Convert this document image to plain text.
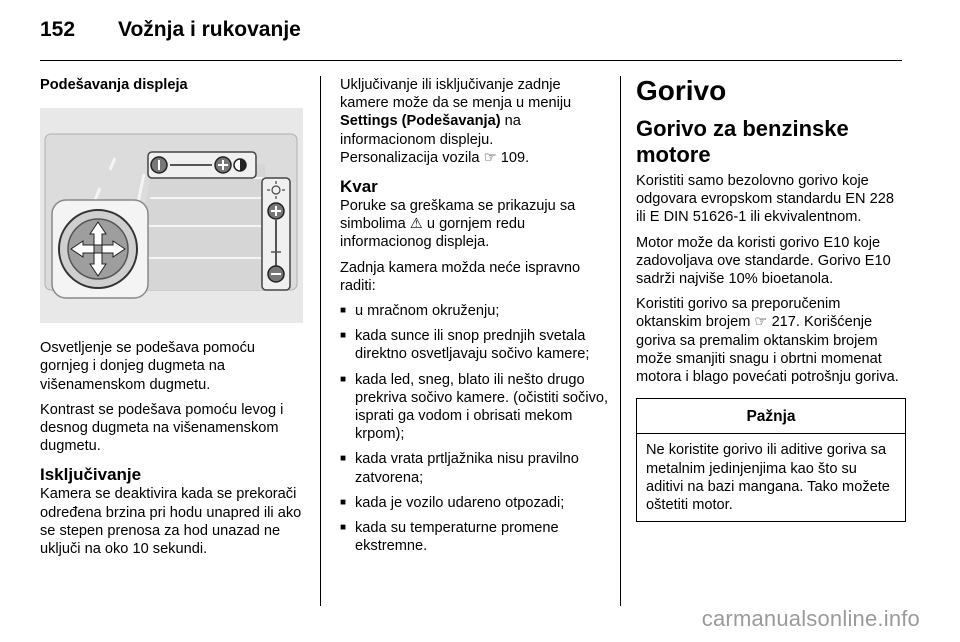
152	Vožnja i rukovanje
Podešavanja displeja

Osvetljenje se podešava pomoću gornjeg i donjeg dugmeta na višenamenskom dugmetu.

Kontrast se podešava pomoću levog i desnog dugmeta na višenamenskom dugmetu.

Isključivanje

Kamera se deaktivira kada se prekorači određena brzina pri hodu unapred ili ako se stepen prenosa za hod unazad ne uključi na oko 10 sekundi.

Uključivanje ili isključivanje zadnje kamere može da se menja u meniju Settings (Podešavanja) na informacionom displeju.
Personalizacija vozila ☞ 109.

Kvar

Poruke sa greškama se prikazuju sa simbolima ⚠ u gornjem redu informacionog displeja.

Zadnja kamera možda neće ispravno raditi:

■ u mračnom okruženju;
■ kada sunce ili snop prednjih svetala direktno osvetljavaju sočivo kamere;
■ kada led, sneg, blato ili nešto drugo prekriva sočivo kamere. (očistiti sočivo, isprati ga vodom i obrisati mekom krpom);
■ kada vrata prtljažnika nisu pravilno zatvorena;
■ kada je vozilo udareno otpozadi;
■ kada su temperaturne promene ekstremne.
Gorivo
Gorivo za benzinske motore

Koristiti samo bezolovno gorivo koje odgovara evropskom standardu EN 228 ili E DIN 51626-1 ili ekvivalentnom.

Motor može da koristi gorivo E10 koje zadovoljava ove standarde. Gorivo E10 sadrži najviše 10% bioetanola.

Koristiti gorivo sa preporučenim oktanskim brojem ☞ 217. Korišćenje goriva sa premalim oktanskim brojem može smanjiti snagu i obrtni momenat motora i blago povećati potrošnju goriva.

Pažnja
Ne koristite gorivo ili aditive goriva sa metalnim jedinjenjima kao što su aditivi na bazi mangana. Tako možete oštetiti motor.
carmanualsonline.info
